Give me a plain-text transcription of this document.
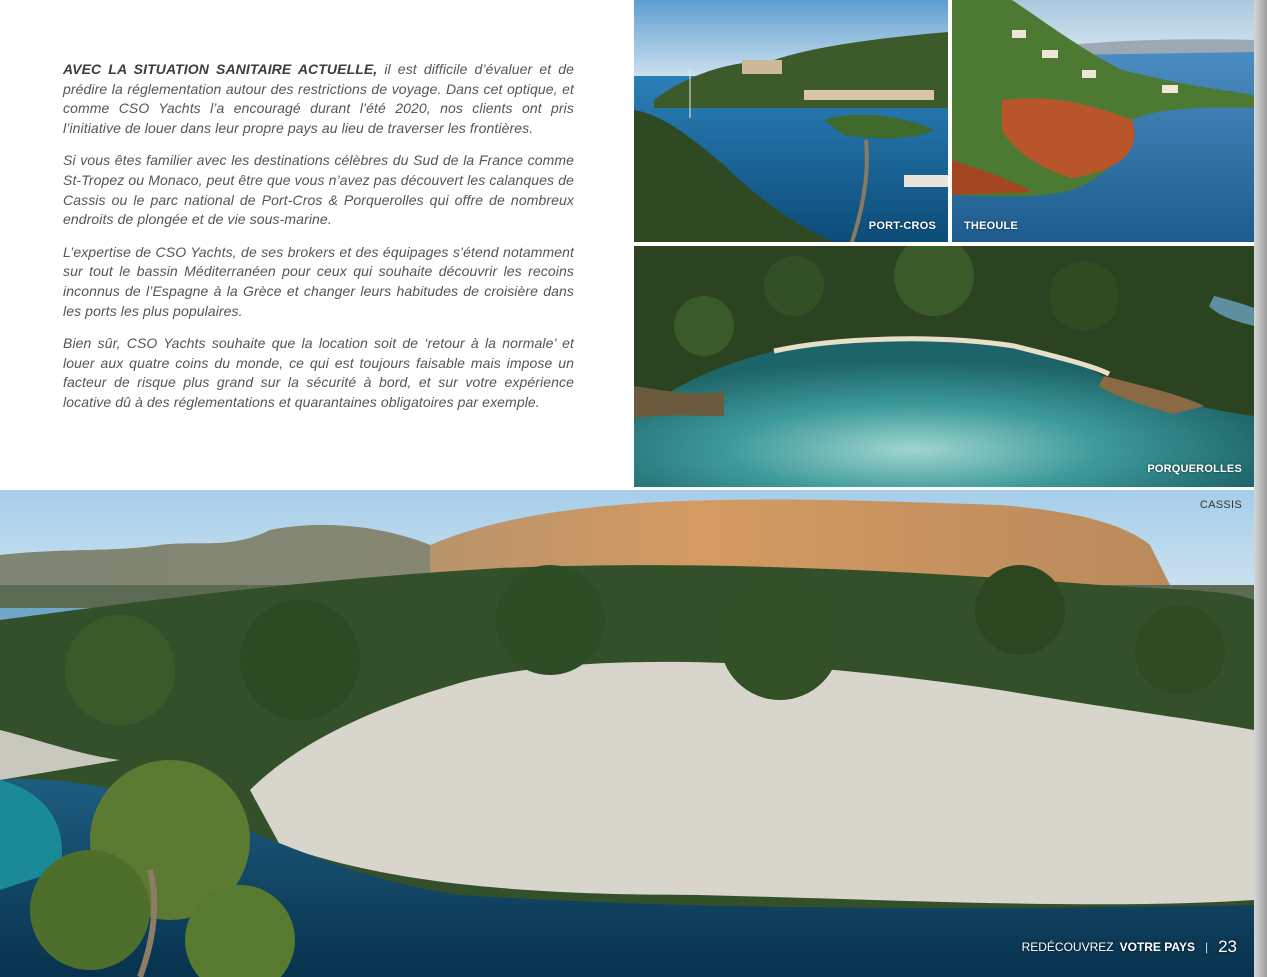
AVEC LA SITUATION SANITAIRE ACTUELLE, il est difficile d’évaluer et de prédire la réglementation autour des restrictions de voyage. Dans cet optique, et comme CSO Yachts l’a encouragé durant l’été 2020, nos clients ont pris l’initiative de louer dans leur propre pays au lieu de traverser les frontières.

Si vous êtes familier avec les destinations célèbres du Sud de la France comme St-Tropez ou Monaco, peut être que vous n’avez pas découvert les calanques de Cassis ou le parc national de Port-Cros & Porquerolles qui offre de nombreux endroits de plongée et de vie sous-marine.

L’expertise de CSO Yachts, de ses brokers et des équipages s’étend notamment sur tout le bassin Méditerranéen pour ceux qui souhaite découvrir les recoins inconnus de l’Espagne à la Grèce et changer leurs habitudes de croisière dans les ports les plus populaires.

Bien sûr, CSO Yachts souhaite que la location soit de ‘retour à la normale’ et louer aux quatre coins du monde, ce qui est toujours faisable mais impose un facteur de risque plus grand sur la sécurité à bord, et sur votre expérience locative dû à des réglementations et quarantaines obligatoires par exemple.

PORT-CROS	THEOULE
PORQUEROLLES
CASSIS
REDÉCOUVREZ VOTRE PAYS | 23
